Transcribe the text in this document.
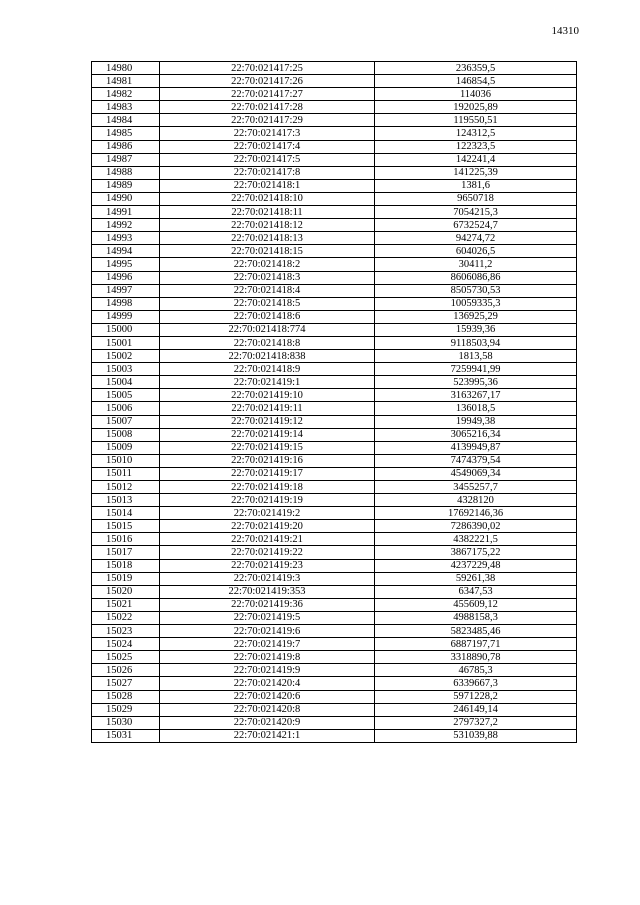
14310
14980	22:70:021417:25	236359,5
14981	22:70:021417:26	146854,5
14982	22:70:021417:27	114036
14983	22:70:021417:28	192025,89
14984	22:70:021417:29	119550,51
14985	22:70:021417:3	124312,5
14986	22:70:021417:4	122323,5
14987	22:70:021417:5	142241,4
14988	22:70:021417:8	141225,39
14989	22:70:021418:1	1381,6
14990	22:70:021418:10	9650718
14991	22:70:021418:11	7054215,3
14992	22:70:021418:12	6732524,7
14993	22:70:021418:13	94274,72
14994	22:70:021418:15	604026,5
14995	22:70:021418:2	30411,2
14996	22:70:021418:3	8606086,86
14997	22:70:021418:4	8505730,53
14998	22:70:021418:5	10059335,3
14999	22:70:021418:6	136925,29
15000	22:70:021418:774	15939,36
15001	22:70:021418:8	9118503,94
15002	22:70:021418:838	1813,58
15003	22:70:021418:9	7259941,99
15004	22:70:021419:1	523995,36
15005	22:70:021419:10	3163267,17
15006	22:70:021419:11	136018,5
15007	22:70:021419:12	19949,38
15008	22:70:021419:14	3065216,34
15009	22:70:021419:15	4139949,87
15010	22:70:021419:16	7474379,54
15011	22:70:021419:17	4549069,34
15012	22:70:021419:18	3455257,7
15013	22:70:021419:19	4328120
15014	22:70:021419:2	17692146,36
15015	22:70:021419:20	7286390,02
15016	22:70:021419:21	4382221,5
15017	22:70:021419:22	3867175,22
15018	22:70:021419:23	4237229,48
15019	22:70:021419:3	59261,38
15020	22:70:021419:353	6347,53
15021	22:70:021419:36	455609,12
15022	22:70:021419:5	4988158,3
15023	22:70:021419:6	5823485,46
15024	22:70:021419:7	6887197,71
15025	22:70:021419:8	3318890,78
15026	22:70:021419:9	46785,3
15027	22:70:021420:4	6339667,3
15028	22:70:021420:6	5971228,2
15029	22:70:021420:8	246149,14
15030	22:70:021420:9	2797327,2
15031	22:70:021421:1	531039,88
